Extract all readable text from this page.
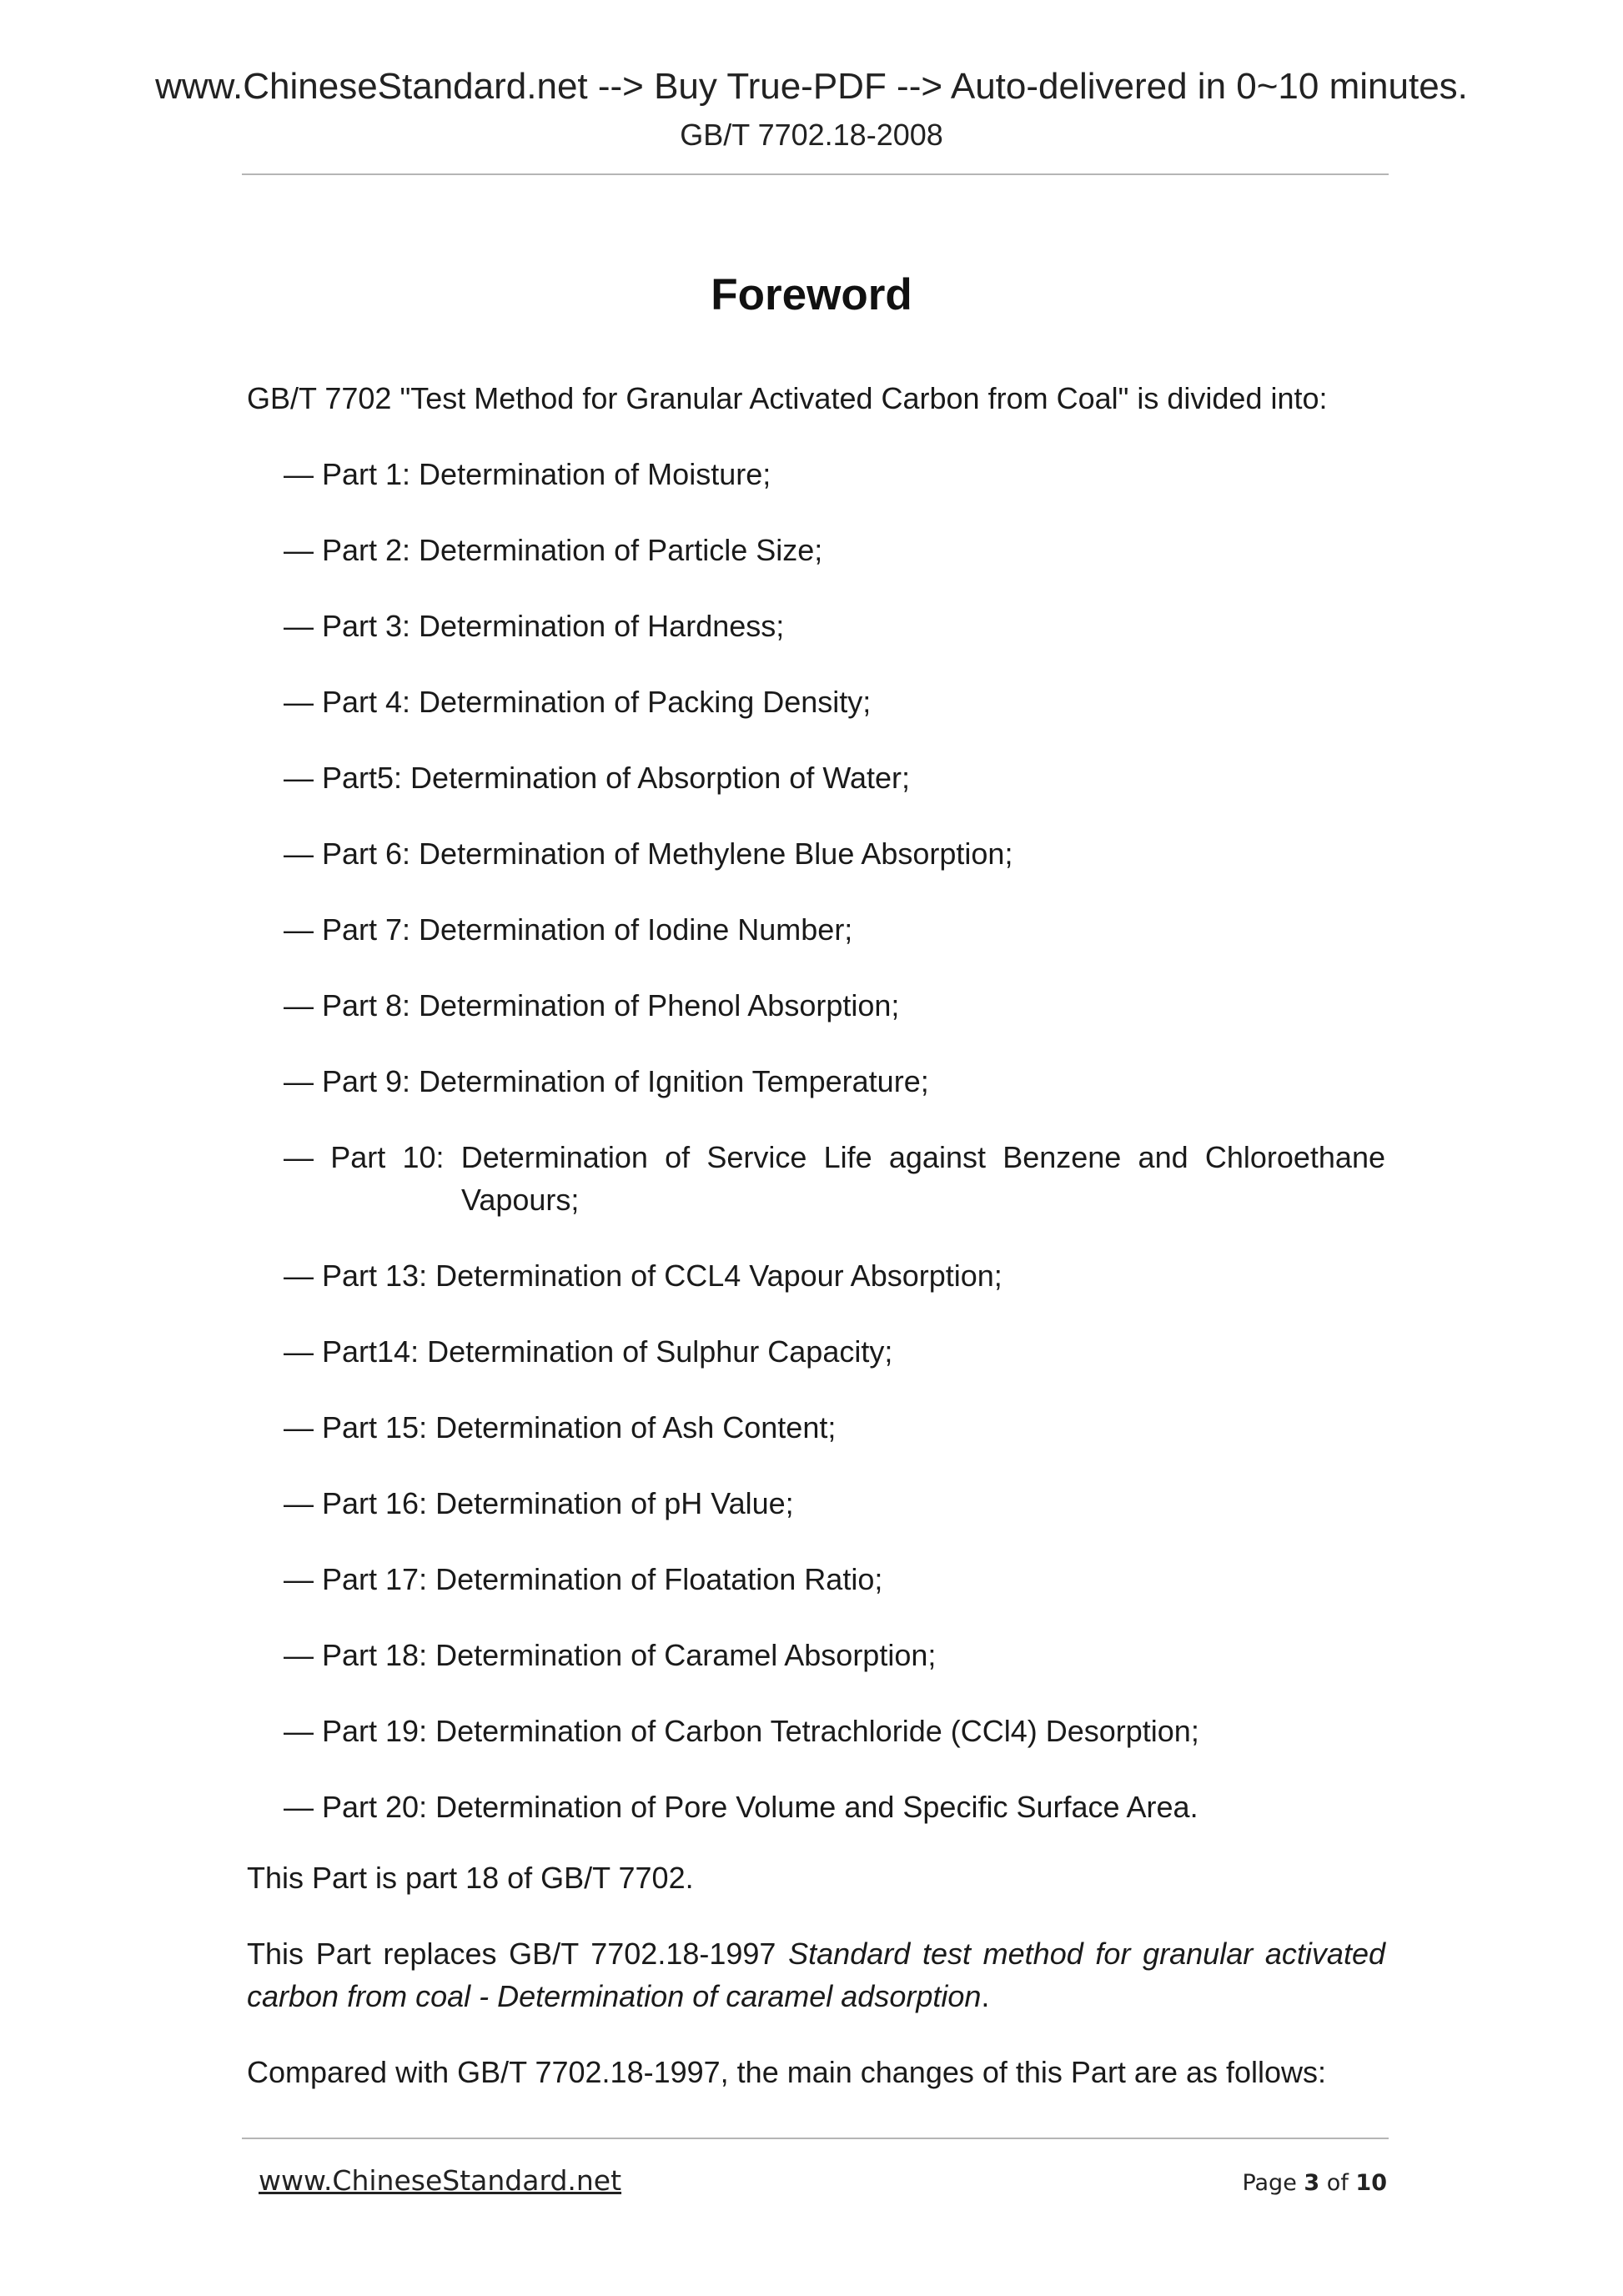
www.ChineseStandard.net --> Buy True-PDF --> Auto-delivered in 0~10 minutes.
GB/T 7702.18-2008
Foreword
GB/T 7702 "Test Method for Granular Activated Carbon from Coal" is divided into:
— Part 1: Determination of Moisture;
— Part 2: Determination of Particle Size;
— Part 3: Determination of Hardness;
— Part 4: Determination of Packing Density;
— Part5: Determination of Absorption of Water;
— Part 6: Determination of Methylene Blue Absorption;
— Part 7: Determination of Iodine Number;
— Part 8: Determination of Phenol Absorption;
— Part 9: Determination of Ignition Temperature;
— Part 10: Determination of Service Life against Benzene and Chloroethane
Vapours;
— Part 13: Determination of CCL4 Vapour Absorption;
— Part14: Determination of Sulphur Capacity;
— Part 15: Determination of Ash Content;
— Part 16: Determination of pH Value;
— Part 17: Determination of Floatation Ratio;
— Part 18: Determination of Caramel Absorption;
— Part 19: Determination of Carbon Tetrachloride (CCl4) Desorption;
— Part 20: Determination of Pore Volume and Specific Surface Area.
This Part is part 18 of GB/T 7702.
This Part replaces GB/T 7702.18-1997 Standard test method for granular activated
carbon from coal - Determination of caramel adsorption.
Compared with GB/T 7702.18-1997, the main changes of this Part are as follows:
www.ChineseStandard.net	Page 3 of 10
